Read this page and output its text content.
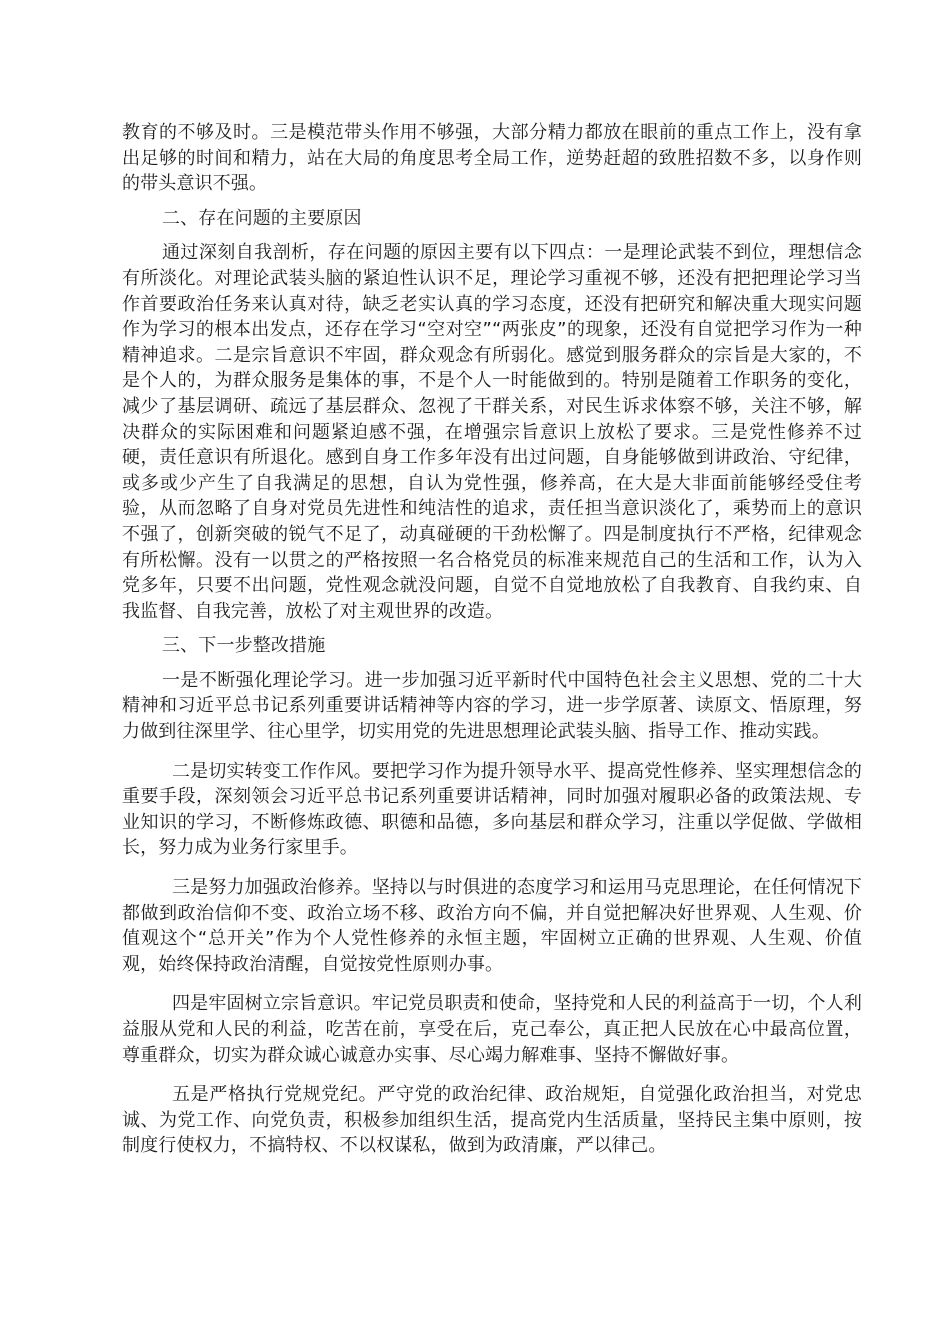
教育的不够及时。三是模范带头作用不够强，大部分精力都放在眼前的重点工作上，没有拿出足够的时间和精力，站在大局的角度思考全局工作，逆势赶超的致胜招数不多，以身作则的带头意识不强。

二、存在问题的主要原因

通过深刻自我剖析，存在问题的原因主要有以下四点：一是理论武装不到位，理想信念有所淡化。对理论武装头脑的紧迫性认识不足，理论学习重视不够，还没有把把理论学习当作首要政治任务来认真对待，缺乏老实认真的学习态度，还没有把研究和解决重大现实问题作为学习的根本出发点，还存在学习“空对空”“两张皮”的现象，还没有自觉把学习作为一种精神追求。二是宗旨意识不牢固，群众观念有所弱化。感觉到服务群众的宗旨是大家的，不是个人的，为群众服务是集体的事，不是个人一时能做到的。特别是随着工作职务的变化，减少了基层调研、疏远了基层群众、忽视了干群关系，对民生诉求体察不够，关注不够，解决群众的实际困难和问题紧迫感不强，在增强宗旨意识上放松了要求。三是党性修养不过硬，责任意识有所退化。感到自身工作多年没有出过问题，自身能够做到讲政治、守纪律，或多或少产生了自我满足的思想，自认为党性强，修养高，在大是大非面前能够经受住考验，从而忽略了自身对党员先进性和纯洁性的追求，责任担当意识淡化了，乘势而上的意识不强了，创新突破的锐气不足了，动真碰硬的干劲松懈了。四是制度执行不严格，纪律观念有所松懈。没有一以贯之的严格按照一名合格党员的标准来规范自己的生活和工作，认为入党多年，只要不出问题，党性观念就没问题，自觉不自觉地放松了自我教育、自我约束、自我监督、自我完善，放松了对主观世界的改造。

三、下一步整改措施

一是不断强化理论学习。进一步加强习近平新时代中国特色社会主义思想、党的二十大精神和习近平总书记系列重要讲话精神等内容的学习，进一步学原著、读原文、悟原理，努力做到往深里学、往心里学，切实用党的先进思想理论武装头脑、指导工作、推动实践。

二是切实转变工作作风。要把学习作为提升领导水平、提高党性修养、坚实理想信念的重要手段，深刻领会习近平总书记系列重要讲话精神，同时加强对履职必备的政策法规、专业知识的学习，不断修炼政德、职德和品德，多向基层和群众学习，注重以学促做、学做相长，努力成为业务行家里手。

三是努力加强政治修养。坚持以与时俱进的态度学习和运用马克思理论，在任何情况下都做到政治信仰不变、政治立场不移、政治方向不偏，并自觉把解决好世界观、人生观、价值观这个“总开关”作为个人党性修养的永恒主题，牢固树立正确的世界观、人生观、价值观，始终保持政治清醒，自觉按党性原则办事。

四是牢固树立宗旨意识。牢记党员职责和使命，坚持党和人民的利益高于一切，个人利益服从党和人民的利益，吃苦在前，享受在后，克己奉公，真正把人民放在心中最高位置，尊重群众，切实为群众诚心诚意办实事、尽心竭力解难事、坚持不懈做好事。

五是严格执行党规党纪。严守党的政治纪律、政治规矩，自觉强化政治担当，对党忠诚、为党工作、向党负责，积极参加组织生活，提高党内生活质量，坚持民主集中原则，按制度行使权力，不搞特权、不以权谋私，做到为政清廉，严以律己。
